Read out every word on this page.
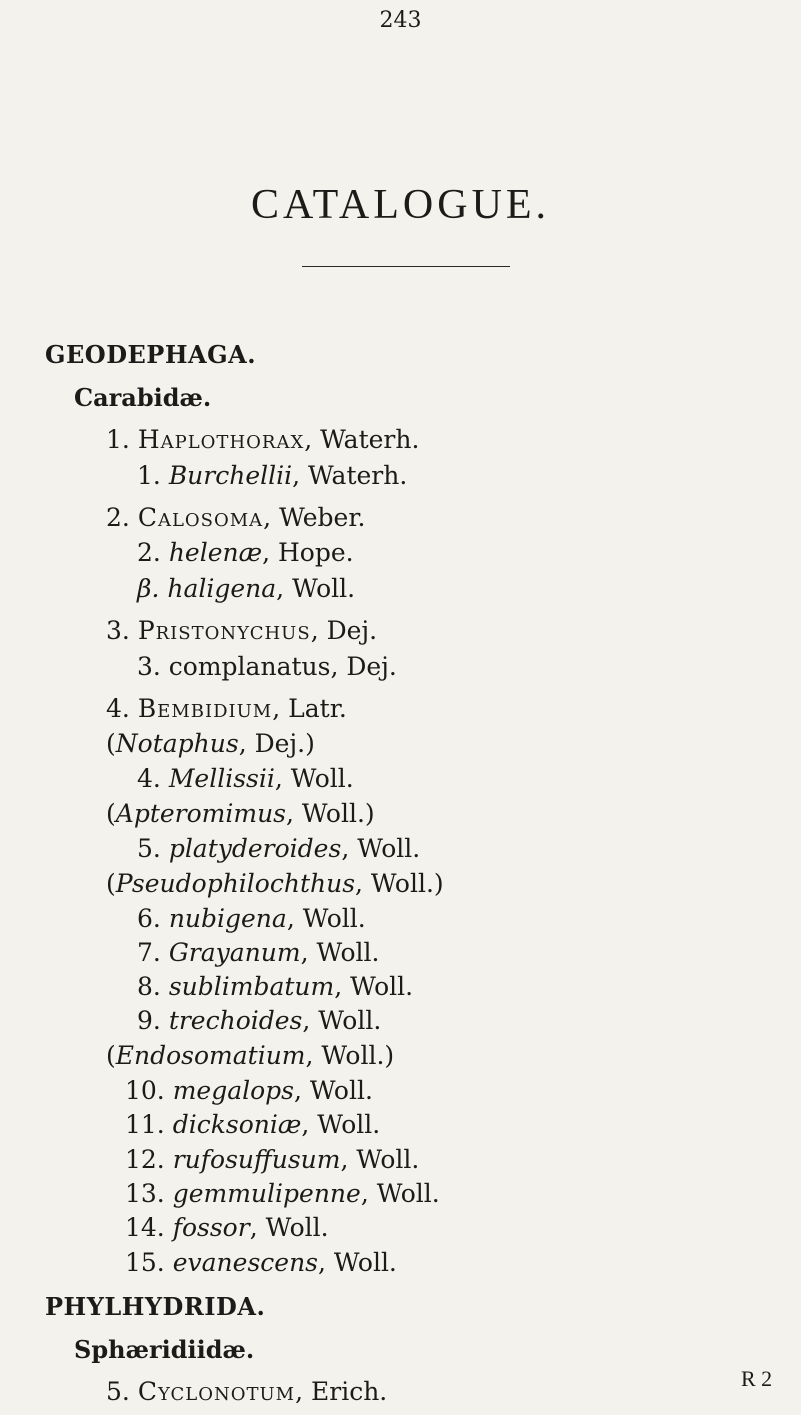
243
CATALOGUE.
GEODEPHAGA.
Carabidæ.
1. Haplothorax, Waterh.
1. Burchellii, Waterh.
2. Calosoma, Weber.
2. helenæ, Hope.
β. haligena, Woll.
3. Pristonychus, Dej.
3. complanatus, Dej.
4. Bembidium, Latr.
(Notaphus, Dej.)
4. Mellissii, Woll.
(Apteromimus, Woll.)
5. platyderoides, Woll.
(Pseudophilochthus, Woll.)
6. nubigena, Woll.
7. Grayanum, Woll.
8. sublimbatum, Woll.
9. trechoides, Woll.
(Endosomatium, Woll.)
10. megalops, Woll.
11. dicksoniæ, Woll.
12. rufosuffusum, Woll.
13. gemmulipenne, Woll.
14. fossor, Woll.
15. evanescens, Woll.
PHYLHYDRIDA.
Sphæridiidæ.
5. Cyclonotum, Erich.	R 2
